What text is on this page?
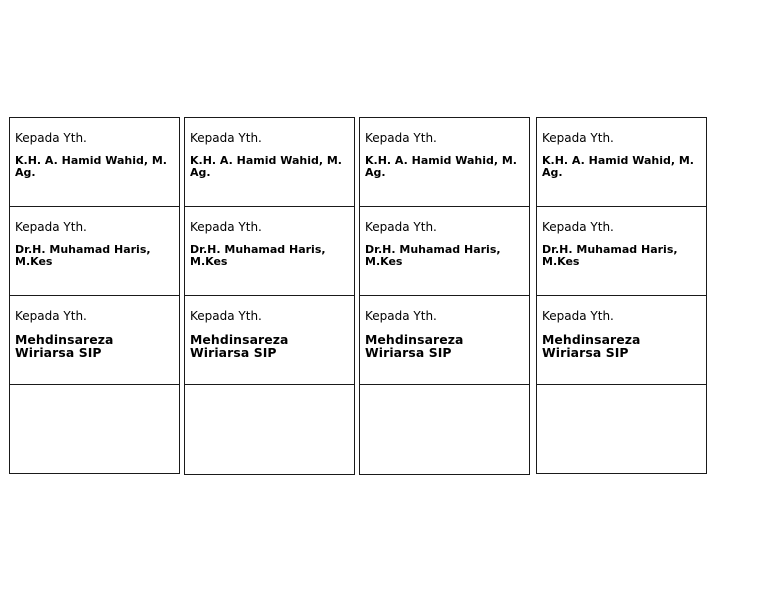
Kepada Yth.

K.H. A. Hamid Wahid, M. Ag.

Kepada Yth.

Dr.H. Muhamad Haris, M.Kes

Kepada Yth.

Mehdinsareza Wiriarsa SIP

Kepada Yth.

K.H. A. Hamid Wahid, M. Ag.

Kepada Yth.

Dr.H. Muhamad Haris, M.Kes

Kepada Yth.

Mehdinsareza Wiriarsa SIP

Kepada Yth.

K.H. A. Hamid Wahid, M. Ag.

Kepada Yth.

Dr.H. Muhamad Haris, M.Kes

Kepada Yth.

Mehdinsareza Wiriarsa SIP

Kepada Yth.

K.H. A. Hamid Wahid, M. Ag.

Kepada Yth.

Dr.H. Muhamad Haris, M.Kes

Kepada Yth.

Mehdinsareza Wiriarsa SIP
